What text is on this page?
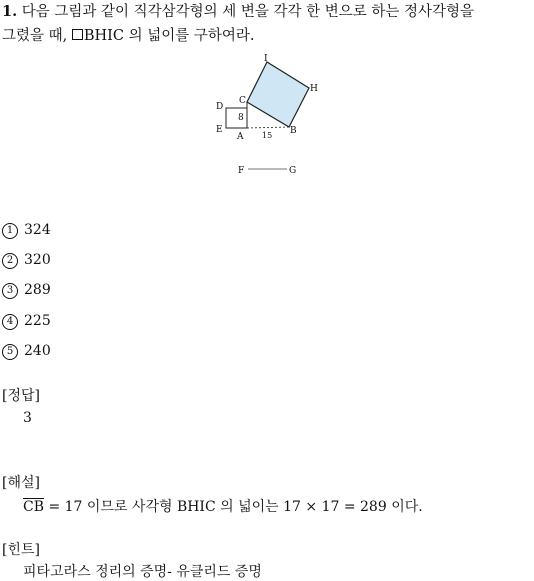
1. 다음 그림과 같이 직각삼각형의 세 변을 각각 한 변으로 하는 정사각형을
그렸을 때, BHIC 의 넓이를 구하여라.
I
H
D
C
E
A
B
F	G
8
15
1 324
2 320
3 289
4 225
5 240
[정답]
3
[해설]
$\overline{CB} = 17$ 이므로 사각형 BHIC 의 넓이는 17 × 17 = 289 이다.
[힌트]
피타고라스 정리의 증명- 유클리드 증명
